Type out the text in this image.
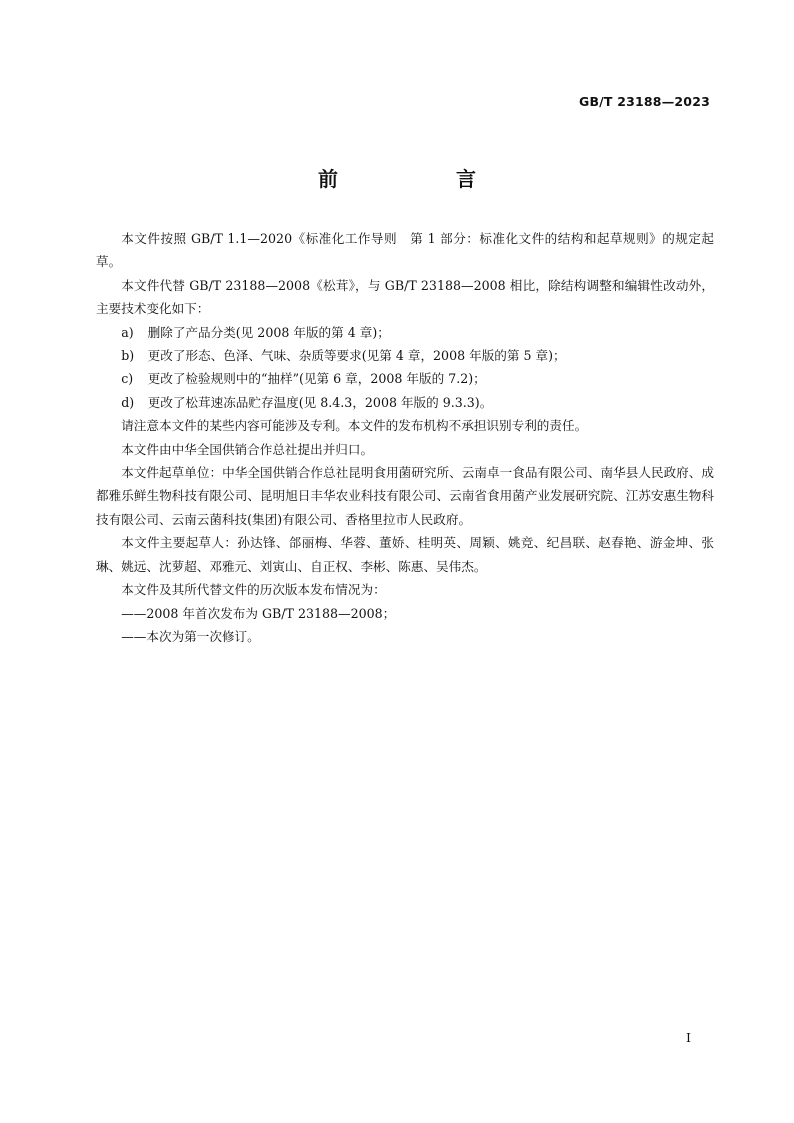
GB/T 23188—2023
前　　言

本文件按照 GB/T 1.1—2020《标准化工作导则　第 1 部分：标准化文件的结构和起草规则》的规定起草。

本文件代替 GB/T 23188—2008《松茸》，与 GB/T 23188—2008 相比，除结构调整和编辑性改动外，主要技术变化如下：

a) 删除了产品分类(见 2008 年版的第 4 章)；

b) 更改了形态、色泽、气味、杂质等要求(见第 4 章，2008 年版的第 5 章)；

c) 更改了检验规则中的“抽样”(见第 6 章，2008 年版的 7.2)；

d) 更改了松茸速冻品贮存温度(见 8.4.3，2008 年版的 9.3.3)。

请注意本文件的某些内容可能涉及专利。本文件的发布机构不承担识别专利的责任。

本文件由中华全国供销合作总社提出并归口。

本文件起草单位：中华全国供销合作总社昆明食用菌研究所、云南卓一食品有限公司、南华县人民政府、成都雅乐鲜生物科技有限公司、昆明旭日丰华农业科技有限公司、云南省食用菌产业发展研究院、江苏安惠生物科技有限公司、云南云菌科技(集团)有限公司、香格里拉市人民政府。

本文件主要起草人：孙达锋、郃丽梅、华蓉、董娇、桂明英、周颖、姚竞、纪昌联、赵春艳、游金坤、张琳、姚远、沈萝超、邓雅元、刘寅山、自正权、李彬、陈惠、吴伟杰。

本文件及其所代替文件的历次版本发布情况为：

——2008 年首次发布为 GB/T 23188—2008；

——本次为第一次修订。

I
